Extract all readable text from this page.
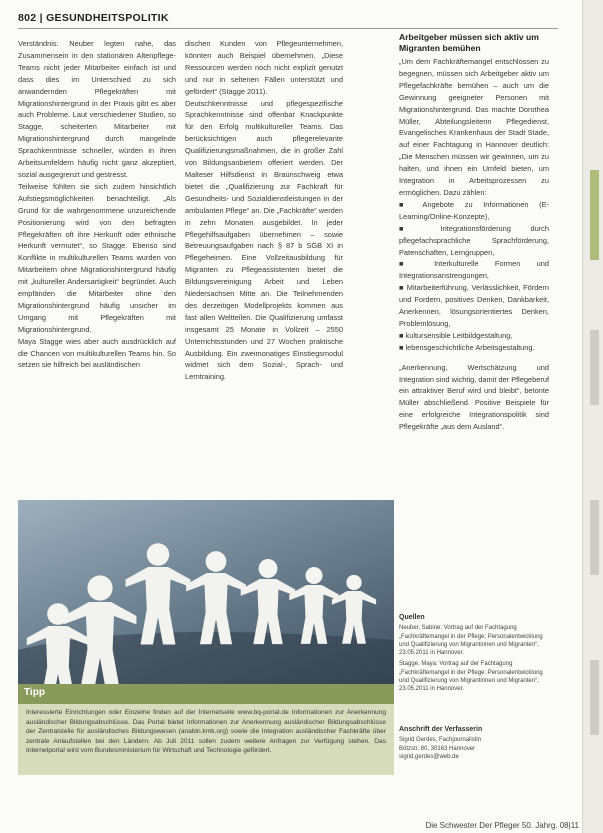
802 | GESUNDHEITSPOLITIK

Verständnis. Neuber legten nahe, das Zusammensein in den stationären Altenpflege-Teams nicht jeder Mitarbeiter einfach ist und dass dies im Unterschied zu sich anwandernden Pflegekräften mit Migrationshintergrund in der Praxis gibt es aber auch Probleme. Laut verschiedener Studien, so Stagge, scheiterten Mitarbeiter mit Migrationshintergrund durch mangelnde Sprachkenntnisse schneller, würden in ihren Arbeitsumfeldern häufig nicht ganz akzeptiert, sozial ausgegrenzt und gestresst.

Teilweise fühlten sie sich zudem hinsichtlich Aufstiegsmöglichkeiten benachteiligt. „Als Grund für die wahrgenommene unzureichende Positionierung wird von den befragten Pflegekräften oft ihre Herkunft oder ethnische Herkunft vermutet“, so Stagge. Ebenso sind Konflikte in multikulturellen Teams wurden von Mitarbeitern ohne Migrationshintergrund häufig mit „kultureller Andersartigkeit“ begründet. Auch empfänden die Mitarbeiter ohne den Migrationshintergrund häufig unsicher im Umgang mit Pflegekräften mit Migrationshintergrund.

Maya Stagge wies aber auch ausdrücklich auf die Chancen von multikulturellen Teams hin. So setzen sie hilfreich bei ausländischen

dischen Kunden von Pflegeunternehmen, könnten auch Beispiel übernehmen. „Diese Ressourcen werden noch nicht explizit genutzt und nur in seltenen Fällen unterstützt und gefördert“ (Stagge 2011).

Deutschkenntnisse und pflegespezifische Sprachkenntnisse sind offenbar Knackpunkte für den Erfolg multikultureller Teams. Das berücksichtigen auch pflegerelevante Qualifizierungsmaßnahmen, die in großer Zahl von Bildungsanbietern offeriert werden. Der Malteser Hilfsdienst in Braunschweig etwa bietet die „Qualifizierung zur Fachkraft für Gesundheits- und Sozialdienstleistungen in der ambulanten Pflege“ an. Die „Fachkräfte“ werden in zehn Monaten ausgebildet. In jeder Pflegehilfsaufgaben übernehmen – sowie Betreuungsaufgaben nach § 87 b SGB XI in Pflegeheimen. Eine Vollzeitausbildung für Migranten zu Pflegeassistenten bietet die Bildungsvereinigung Arbeit und Leben Niedersachsen Mitte an. Die Teilnehmenden des derzeitigen Modellprojekts kommen aus fast allen Weltteilen. Die Qualifizierung umfasst insgesamt 25 Monate in Vollzeit – 2550 Unterrichtsstunden und 27 Wochen praktische Ausbildung. Ein zweimonatiges Einstiegsmodul widmet sich dem Sozial-, Sprach- und Lerntraining.

Arbeitgeber müssen sich aktiv um Migranten bemühen

„Um dem Fachkräftemangel entschlossen zu begegnen, müssen sich Arbeitgeber aktiv um Pflegefachkräfte bemühen – auch um die Gewinnung geeigneter Personen mit Migrationshintergrund. Das machte Dorothea Müller, Abteilungsleiterin Pflegedienst, Evangelisches Krankenhaus der Stadt Stade, auf einer Fachtagung in Hannover deutlich: „Die Menschen müssen wir gewinnen, um zu halten, und ihnen ein Umfeld bieten, um Integration in Arbeitsprozessen zu ermöglichen. Dazu zählen:

■ Angebote zu Informationen (E-Learning/Online-Konzepte),

■ Integrationsförderung durch pflegefachsprachliche Sprachförderung, Patenschaften, Lerngruppen,

■ Interkulturelle Formen und Integrationsanstrengungen,

■ Mitarbeiterführung, Verlässlichkeit, Fördern und Fordern, positives Denken, Dankbarkeit, Anerkennen, lösungsorientiertes Denken, Problemlösung,

■ kultursensible Leitbildgestaltung,

■ lebensgeschichtliche Arbeitsgestaltung.

„Anerkennung, Wertschätzung und Integration sind wichtig, damit der Pflegeberuf ein attraktiver Beruf wird und bleibt“, betonte Müller abschließend. Positive Beispiele für eine erfolgreiche Integrationspolitik sind Pflegekräfte „aus dem Ausland“.

Tipp

Interessierte Einrichtungen oder Einzelne finden auf der Internetseite www.bq-portal.de Informationen zur Anerkennung ausländischer Bildungsabschlüsse. Das Portal bietet Informationen zur Anerkennung ausländischer Bildungsabschlüsse der Zentralstelle für ausländisches Bildungswesen (anabin.kmk.org) sowie die Integration ausländischer Fachkräfte über zentrale Anlaufstellen bei den Ländern. Ab Juli 2011 sollen zudem weitere Anfragen zur Verfügung stehen. Das Internetportal wird vom Bundesministerium für Wirtschaft und Technologie gefördert.

Quellen

Neuber, Sabine: Vortrag auf der Fachtagung „Fachkräftemangel in der Pflege: Personalentwicklung und Qualifizierung von Migrantinnen und Migranten“, 23.05.2011 in Hannover.

Stagge, Maya: Vortrag auf der Fachtagung „Fachkräftemangel in der Pflege: Personalentwicklung und Qualifizierung von Migrantinnen und Migranten“, 23.05.2011 in Hannover.

Anschrift der Verfasserin
Sigrid Gerdes, Fachjournalistin
Bötzstr. 80, 30163 Hannover
sigrid.gerdes@web.de
Die Schwester Der Pfleger 50. Jahrg. 08|11
